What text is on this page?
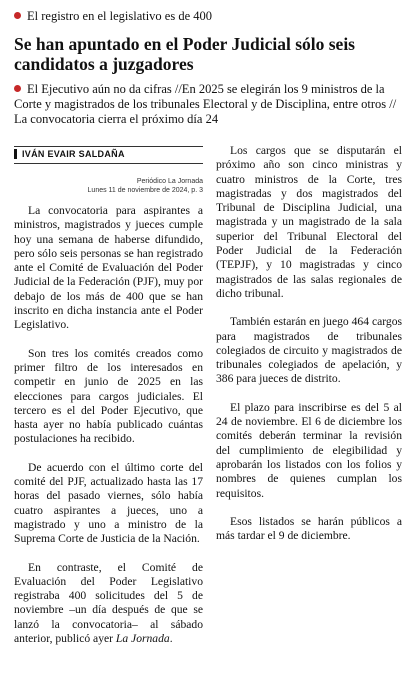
El registro en el legislativo es de 400
Se han apuntado en el Poder Judicial sólo seis candidatos a juzgadores
El Ejecutivo aún no da cifras //En 2025 se elegirán los 9 ministros de la Corte y magistrados de los tribunales Electoral y de Disciplina, entre otros // La convocatoria cierra el próximo día 24
IVÁN EVAIR SALDAÑA
Periódico La Jornada
Lunes 11 de noviembre de 2024, p. 3

La convocatoria para aspirantes a ministros, magistrados y jueces cumple hoy una semana de haberse difundido, pero sólo seis personas se han registrado ante el Comité de Evaluación del Poder Judicial de la Federación (PJF), muy por debajo de los más de 400 que se han inscrito en dicha instancia ante el Poder Legislativo.

Son tres los comités creados como primer filtro de los interesados en competir en junio de 2025 en las elecciones para cargos judiciales. El tercero es el del Poder Ejecutivo, que hasta ayer no había publicado cuántas postulaciones ha recibido.

De acuerdo con el último corte del comité del PJF, actualizado hasta las 17 horas del pasado viernes, sólo había cuatro aspirantes a jueces, uno a magistrado y uno a ministro de la Suprema Corte de Justicia de la Nación.

En contraste, el Comité de Evaluación del Poder Legislativo registraba 400 solicitudes del 5 de noviembre –un día después de que se lanzó la convocatoria– al sábado anterior, publicó ayer La Jornada.

Los cargos que se disputarán el próximo año son cinco ministras y cuatro ministros de la Corte, tres magistradas y dos magistrados del Tribunal de Disciplina Judicial, una magistrada y un magistrado de la sala superior del Tribunal Electoral del Poder Judicial de la Federación (TEPJF), y 10 magistradas y cinco magistrados de las salas regionales de dicho tribunal.

También estarán en juego 464 cargos para magistrados de tribunales colegiados de circuito y magistrados de tribunales colegiados de apelación, y 386 para jueces de distrito.

El plazo para inscribirse es del 5 al 24 de noviembre. El 6 de diciembre los comités deberán terminar la revisión del cumplimiento de elegibilidad y aprobarán los listados con los folios y nombres de quienes cumplan los requisitos.

Esos listados se harán públicos a más tardar el 9 de diciembre.
